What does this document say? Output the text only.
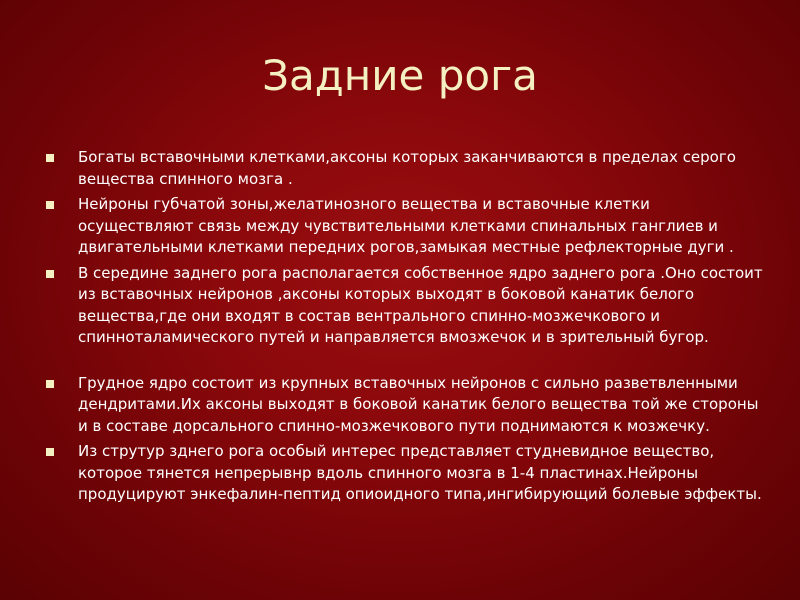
Задние рога
Богаты вставочными клетками,аксоны которых заканчиваются в пределах серого вещества спинного мозга .
Нейроны губчатой зоны,желатинозного вещества и вставочные клетки осуществляют связь между чувствительными клетками спинальных ганглиев и двигательными клетками передних рогов,замыкая местные рефлекторные дуги .
В середине заднего рога располагается собственное ядро заднего рога .Оно состоит из вставочных нейронов ,аксоны которых выходят в боковой канатик белого вещества,где они входят в состав вентрального спинно-мозжечкового и спинноталамического путей и направляется вмозжечок и в зрительный бугор.
Грудное ядро состоит из крупных вставочных нейронов с сильно разветвленными дендритами.Их аксоны выходят в боковой канатик белого вещества той же стороны и в составе дорсального спинно-мозжечкового пути поднимаются к мозжечку.
Из струтур здн​его рога особый интерес представляет студневидное вещество, которое тянется непрерывнр вдоль спинного мозга в 1-4 пластинах.Нейроны продуцируют энкефалин-пептид опиоидного типа,ингибирующий болевые эффекты.
